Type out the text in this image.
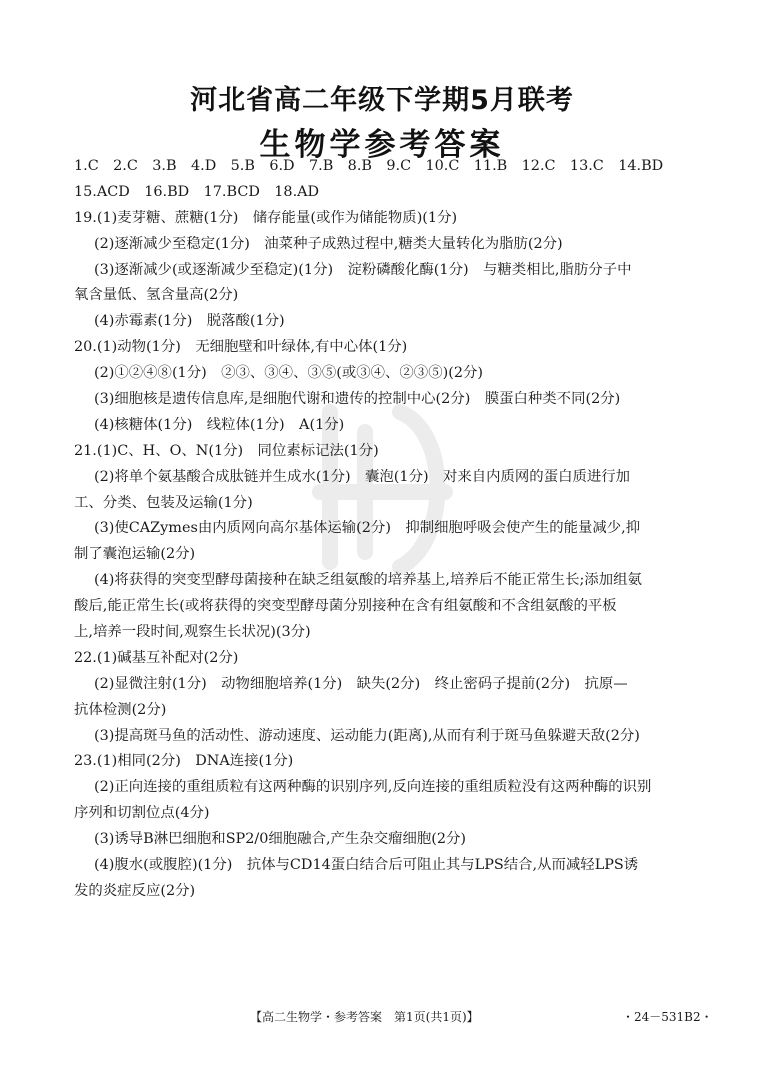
河北省高二年级下学期5月联考
生物学参考答案
1.C　2.C　3.B　4.D　5.B　6.D　7.B　8.B　9.C　10.C　11.B　12.C　13.C　14.BD
15.ACD　16.BD　17.BCD　18.AD
19.(1)麦芽糖、蔗糖(1分)　储存能量(或作为储能物质)(1分)
(2)逐渐减少至稳定(1分)　油菜种子成熟过程中,糖类大量转化为脂肪(2分)
(3)逐渐减少(或逐渐减少至稳定)(1分)　淀粉磷酸化酶(1分)　与糖类相比,脂肪分子中
氧含量低、氢含量高(2分)
(4)赤霉素(1分)　脱落酸(1分)
20.(1)动物(1分)　无细胞壁和叶绿体,有中心体(1分)
(2)①②④⑧(1分)　②③、③④、③⑤(或③④、②③⑤)(2分)
(3)细胞核是遗传信息库,是细胞代谢和遗传的控制中心(2分)　膜蛋白种类不同(2分)
(4)核糖体(1分)　线粒体(1分)　A(1分)
21.(1)C、H、O、N(1分)　同位素标记法(1分)
(2)将单个氨基酸合成肽链并生成水(1分)　囊泡(1分)　对来自内质网的蛋白质进行加
工、分类、包装及运输(1分)
(3)使CAZymes由内质网向高尔基体运输(2分)　抑制细胞呼吸会使产生的能量减少,抑
制了囊泡运输(2分)
(4)将获得的突变型酵母菌接种在缺乏组氨酸的培养基上,培养后不能正常生长;添加组氨
酸后,能正常生长(或将获得的突变型酵母菌分别接种在含有组氨酸和不含组氨酸的平板
上,培养一段时间,观察生长状况)(3分)
22.(1)碱基互补配对(2分)
(2)显微注射(1分)　动物细胞培养(1分)　缺失(2分)　终止密码子提前(2分)　抗原—
抗体检测(2分)
(3)提高斑马鱼的活动性、游动速度、运动能力(距离),从而有利于斑马鱼躲避天敌(2分)
23.(1)相同(2分)　DNA连接(1分)
(2)正向连接的重组质粒有这两种酶的识别序列,反向连接的重组质粒没有这两种酶的识别
序列和切割位点(4分)
(3)诱导B淋巴细胞和SP2/0细胞融合,产生杂交瘤细胞(2分)
(4)腹水(或腹腔)(1分)　抗体与CD14蛋白结合后可阻止其与LPS结合,从而减轻LPS诱
发的炎症反应(2分)
【高二生物学・参考答案　第1页(共1页)】	・24－531B2・
